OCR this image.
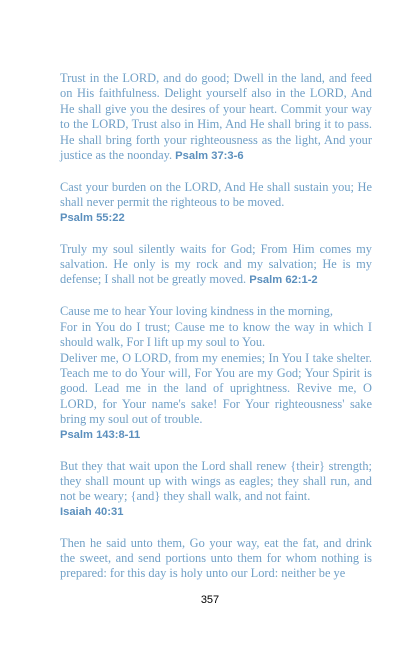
Trust in the LORD, and do good; Dwell in the land, and feed on His faithfulness. Delight yourself also in the LORD, And He shall give you the desires of your heart. Commit your way to the LORD, Trust also in Him, And He shall bring it to pass. He shall bring forth your righteousness as the light, And your justice as the noonday. Psalm 37:3-6

Cast your burden on the LORD, And He shall sustain you; He shall never permit the righteous to be moved.
Psalm 55:22

Truly my soul silently waits for God; From Him comes my salvation. He only is my rock and my salvation; He is my defense; I shall not be greatly moved. Psalm 62:1-2

Cause me to hear Your loving kindness in the morning,
For in You do I trust; Cause me to know the way in which I should walk, For I lift up my soul to You.
Deliver me, O LORD, from my enemies; In You I take shelter. Teach me to do Your will, For You are my God; Your Spirit is good. Lead me in the land of uprightness. Revive me, O LORD, for Your name's sake! For Your righteousness' sake bring my soul out of trouble.
Psalm 143:8-11

But they that wait upon the Lord shall renew {their} strength; they shall mount up with wings as eagles; they shall run, and not be weary; {and} they shall walk, and not faint.
Isaiah 40:31

Then he said unto them, Go your way, eat the fat, and drink the sweet, and send portions unto them for whom nothing is prepared: for this day is holy unto our Lord: neither be ye

357
